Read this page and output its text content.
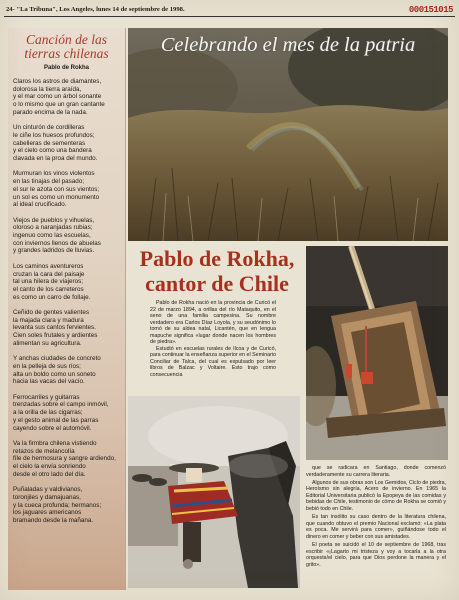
24- "La Tribuna", Los Angeles, lunes 14 de septiembre de 1998.	000151015
Canción de las
tierras chilenas
Pablo de Rokha
Claros los astros de diamantes,
dolorosa la tierra araída,
y el mar como un árbol sonante
o lo mismo que un gran cantante
parado encima de la nada.
Un cinturón de cordilleras
le ciñe los huesos profundos;
cabelleras de sementeras
y el cielo como una bandera
clavada en la proa del mundo.
Murmuran los vinos violentos
en las tinajas del pasado;
el sur le azota con sus vientos;
un sol es como un monumento
al ideal crucificado.
Viejos de pueblos y vihuelas,
oloroso a naranjadas rubias;
ingenuo como las escuelas,
con inviernos llenos de abuelas
y grandes ladridos de lluvias.
Los caminos aventureros
cruzan la cara del paisaje
tal una hilera de viajeros;
el canto de los carreteros
es como un carro de follaje.
Ceñido de gentes valientes
la majada clara y madura
levanta sus cantos fervientes.
Cien soles frutales y ardientes
alimentan su agricultura.
Y anchas ciudades de concreto
en la pelleja de sus ríos;
alta un boldo como un soneto
hacia las vacas del vacío.
Ferrocarriles y guitarras
trenzadas sobre el campo inmóvil,
a la orilla de las cigarras;
y el gesto animal de las parras
cayendo sobre el automóvil.
Va la firmbra chilena vistiendo
retazos de melancolía
fíle de hermosura y sangre ardiendo,
el cielo la envía sonriendo
desde el otro lado del día.
Puñaladas y valdivianos,
toronjiles y damajuanas,
y la cueca profunda; hermanos;
los jaguares americanos
bramando desde la mañana.
Celebrando el mes de la patria
Pablo de Rokha,
cantor de Chile

Pablo de Rokha nació en la provincia de Curicó el 22 de marzo 1894, a orillas del río Mataquito, en el seno de una familia campesina. Su nombre verdadero era Carlos Díaz Loyola, y su seudónimo lo tomó de su aldea natal, Licantén, que en lengua mapuche significa «lugar donde nacen los hombres de piedra».

Estudió en escuelas rurales de Ilcoa y de Curicó, para continuar la enseñanza superior en el Seminario Conciliar de Talca, del cual es expulsado por leer libros de Balzac y Voltaire. Esto trajo como consecuencia

que se radicara en Santiago, donde comenzó verdaderamente su carrera literaria.

Algunos de sus obras son Los Gemidos, Ciclo de piedra, Heroísmo sin alegría, Acero de invierno. En 1965 la Editorial Universitaria publicó la Epopeya de las comidas y bebidas de Chile, testimonio de cómo de Rokha se comió y bebió todo en Chile.

Es tan insólito su caso dentro de la literatura chilena, que cuando obtuvo el premio Nacional exclamó: «La plata es poca. Me servirá para comer», guiñándose todo el dinero en comer y beber con sus amistades.

El poeta se suicidó el 10 de septiembre de 1968, tras escribir «¡Lagarto mi tristeza y voy a tocarla a la otra orquesta!el cielo, para que Dios perdone la manera y el grito».
